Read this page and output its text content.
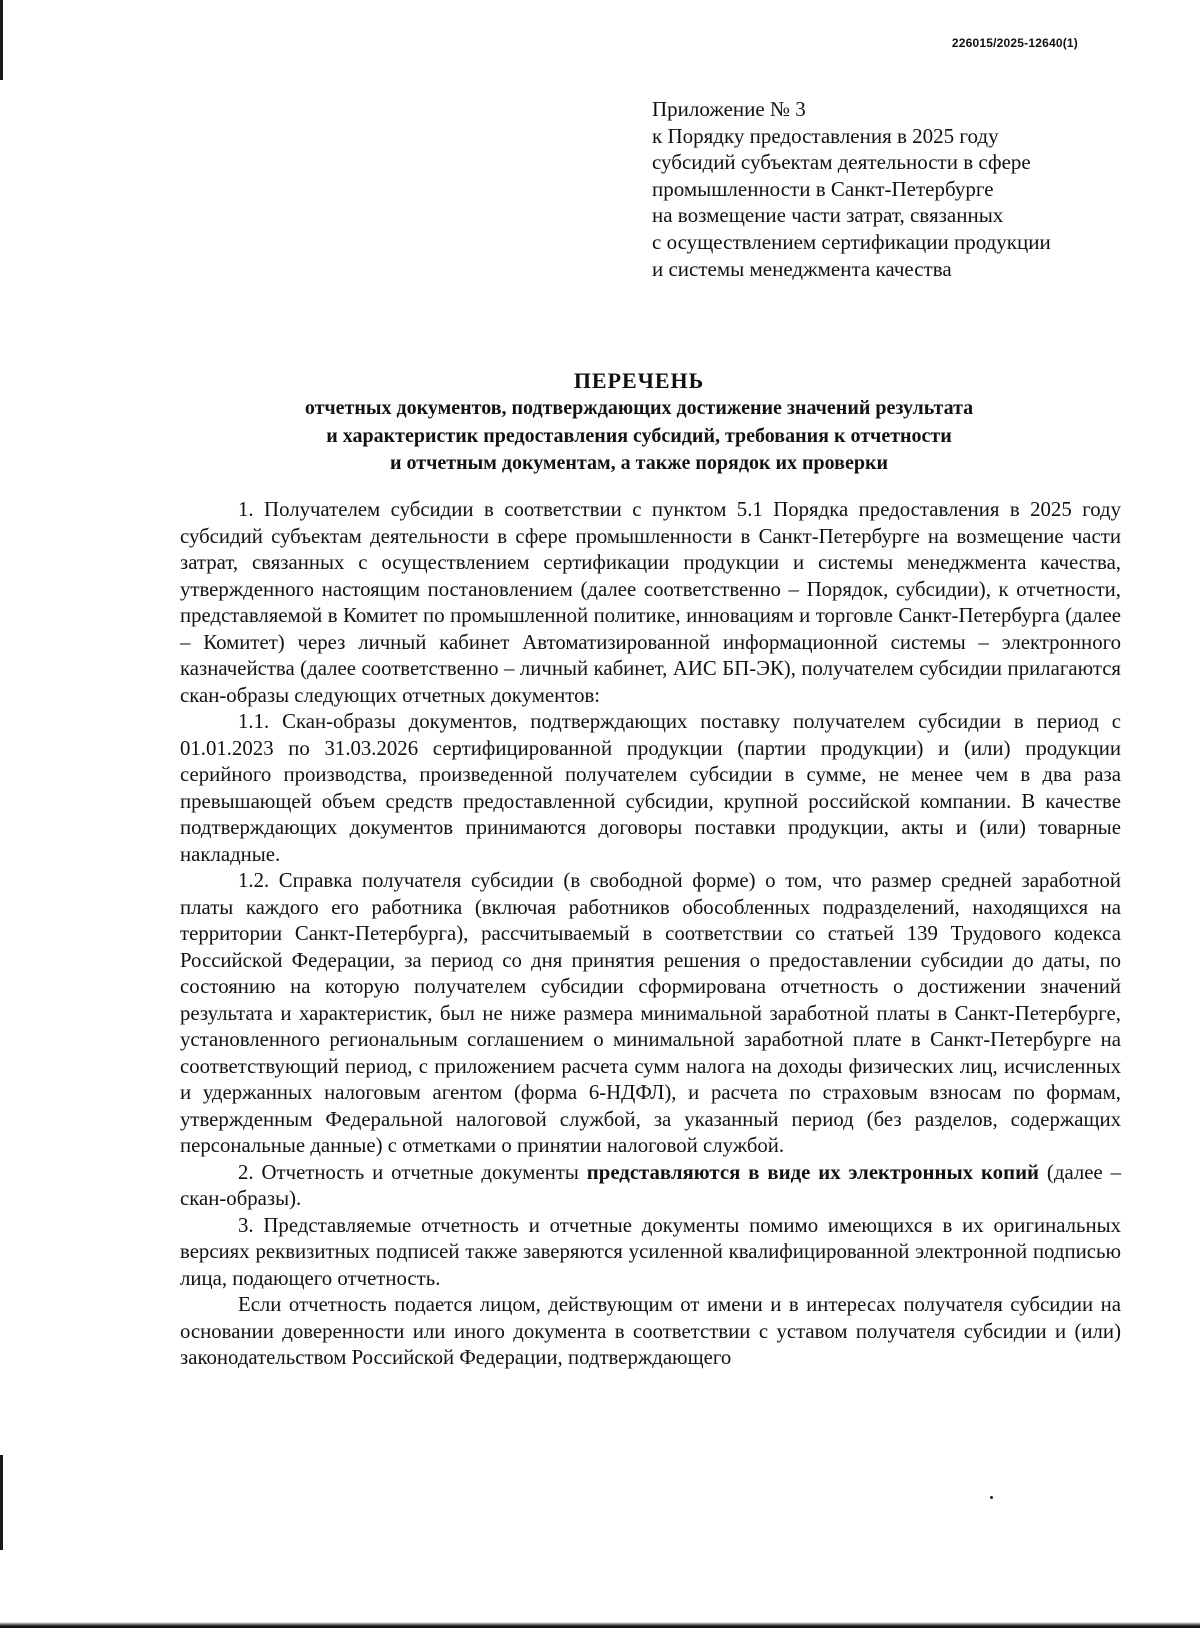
226015/2025-12640(1)
Приложение № 3
к Порядку предоставления в 2025 году
субсидий субъектам деятельности в сфере
промышленности в Санкт-Петербурге
на возмещение части затрат, связанных
с осуществлением сертификации продукции
и системы менеджмента качества
ПЕРЕЧЕНЬ
отчетных документов, подтверждающих достижение значений результата
и характеристик предоставления субсидий, требования к отчетности
и отчетным документам, а также порядок их проверки

1. Получателем субсидии в соответствии с пунктом 5.1 Порядка предоставления в 2025 году субсидий субъектам деятельности в сфере промышленности в Санкт-Петербурге на возмещение части затрат, связанных с осуществлением сертификации продукции и системы менеджмента качества, утвержденного настоящим постановлением (далее соответственно – Порядок, субсидии), к отчетности, представляемой в Комитет по промышленной политике, инновациям и торговле Санкт-Петербурга (далее – Комитет) через личный кабинет Автоматизированной информационной системы – электронного казначейства (далее соответственно – личный кабинет, АИС БП-ЭК), получателем субсидии прилагаются скан-образы следующих отчетных документов:

1.1. Скан-образы документов, подтверждающих поставку получателем субсидии в период с 01.01.2023 по 31.03.2026 сертифицированной продукции (партии продукции) и (или) продукции серийного производства, произведенной получателем субсидии в сумме, не менее чем в два раза превышающей объем средств предоставленной субсидии, крупной российской компании. В качестве подтверждающих документов принимаются договоры поставки продукции, акты и (или) товарные накладные.

1.2. Справка получателя субсидии (в свободной форме) о том, что размер средней заработной платы каждого его работника (включая работников обособленных подразделений, находящихся на территории Санкт-Петербурга), рассчитываемый в соответствии со статьей 139 Трудового кодекса Российской Федерации, за период со дня принятия решения о предоставлении субсидии до даты, по состоянию на которую получателем субсидии сформирована отчетность о достижении значений результата и характеристик, был не ниже размера минимальной заработной платы в Санкт-Петербурге, установленного региональным соглашением о минимальной заработной плате в Санкт-Петербурге на соответствующий период, с приложением расчета сумм налога на доходы физических лиц, исчисленных и удержанных налоговым агентом (форма 6-НДФЛ), и расчета по страховым взносам по формам, утвержденным Федеральной налоговой службой, за указанный период (без разделов, содержащих персональные данные) с отметками о принятии налоговой службой.

2. Отчетность и отчетные документы представляются в виде их электронных копий (далее – скан-образы).

3. Представляемые отчетность и отчетные документы помимо имеющихся в их оригинальных версиях реквизитных подписей также заверяются усиленной квалифицированной электронной подписью лица, подающего отчетность.

Если отчетность подается лицом, действующим от имени и в интересах получателя субсидии на основании доверенности или иного документа в соответствии с уставом получателя субсидии и (или) законодательством Российской Федерации, подтверждающего
